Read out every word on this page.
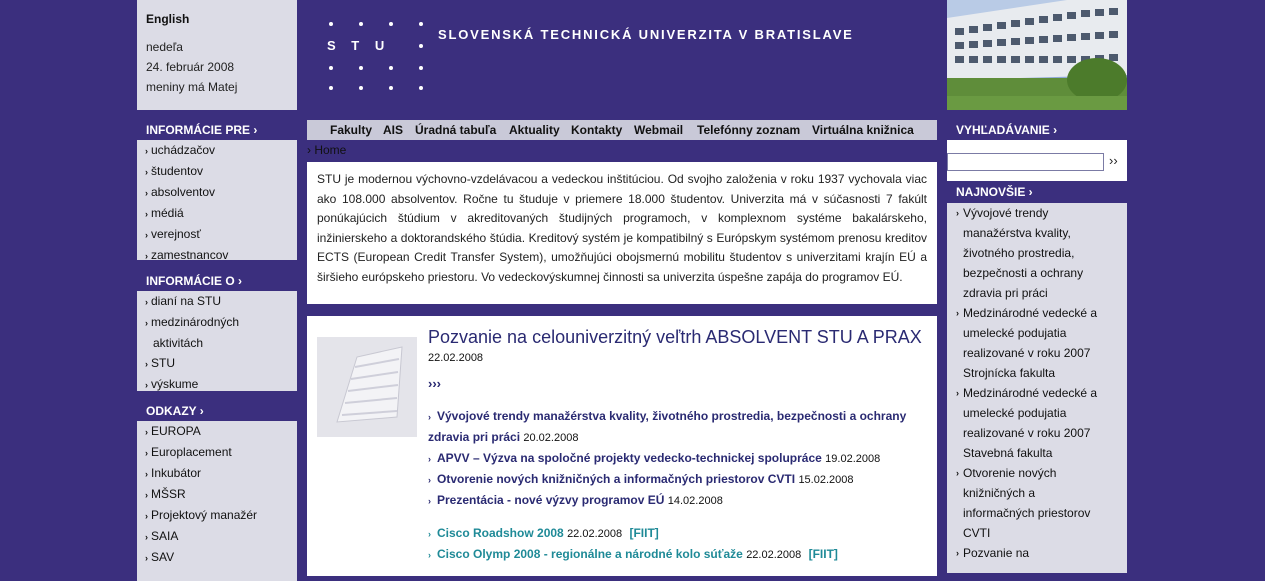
English
nedeľa
24. február 2008
meniny má Matej
INFORMÁCIE PRE ›
› uchádzačov
› študentov
› absolventov
› médiá
› verejnosť
› zamestnancov
INFORMÁCIE O ›
› dianí na STU
› medzinárodných
aktivitách
› STU
› výskume
ODKAZY ›
› EUROPA
› Europlacement
› Inkubátor
› MŠSR
› Projektový manažér
› SAIA
› SAV
S T U
SLOVENSKÁ TECHNICKÁ UNIVERZITA V BRATISLAVE
Fakulty AIS Úradná tabuľa Aktuality Kontakty Webmail Telefónny zoznam Virtuálna knižnica
› Home
STU je modernou výchovno-vzdelávacou a vedeckou inštitúciou. Od svojho založenia v roku 1937 vychovala viac ako 108.000 absolventov. Ročne tu študuje v priemere 18.000 študentov. Univerzita má v súčasnosti 7 fakúlt ponúkajúcich štúdium v akreditovaných študijných programoch, v komplexnom systéme bakalárskeho, inžinierskeho a doktorandského štúdia. Kreditový systém je kompatibilný s Európskym systémom prenosu kreditov ECTS (European Credit Transfer System), umožňujúci obojsmernú mobilitu študentov s univerzitami krajín EÚ a širšieho európskeho priestoru. Vo vedeckovýskumnej činnosti sa univerzita úspešne zapája do programov EÚ.
Pozvanie na celouniverzitný veľtrh ABSOLVENT STU A PRAX
22.02.2008
›››
› Vývojové trendy manažérstva kvality, životného prostredia, bezpečnosti a ochrany zdravia pri práci 20.02.2008
› APVV – Výzva na spoločné projekty vedecko-technickej spolupráce 19.02.2008
› Otvorenie nových knižničných a informačných priestorov CVTI 15.02.2008
› Prezentácia - nové výzvy programov EÚ 14.02.2008
› Cisco Roadshow 2008 22.02.2008 [FIIT]
› Cisco Olymp 2008 - regionálne a národné kolo súťaže 22.02.2008 [FIIT]
VYHĽADÁVANIE ›
››
NAJNOVŠIE ›
› Vývojové trendy
manažérstva kvality,
životného prostredia,
bezpečnosti a ochrany
zdravia pri práci
› Medzinárodné vedecké a
umelecké podujatia
realizované v roku 2007
Strojnícka fakulta
› Medzinárodné vedecké a
umelecké podujatia
realizované v roku 2007
Stavebná fakulta
› Otvorenie nových
knižničných a
informačných priestorov
CVTI
› Pozvanie na
